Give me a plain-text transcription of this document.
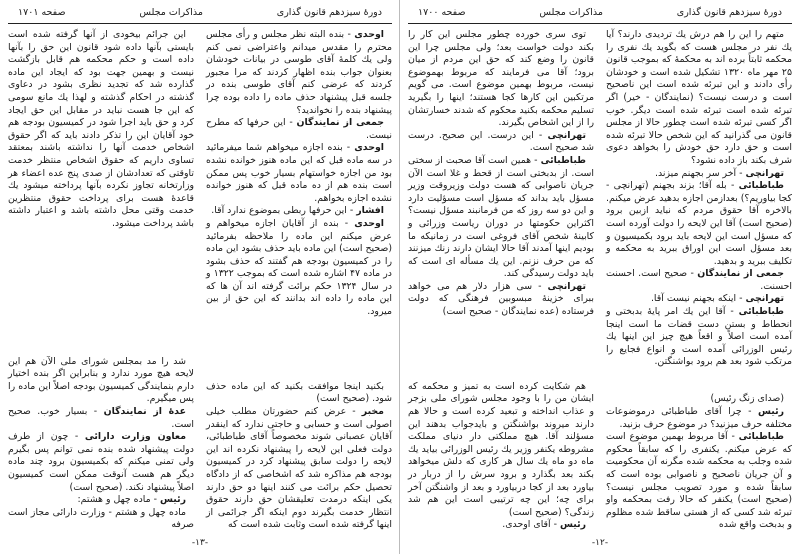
دورهٔ سیزدهم قانون گذاری
مذاکرات مجلس
صفحه ۱۷۰۰

متهم را این را هم درش یك تردیدی دارند؟ آیا یك نفر در مجلس هست که بگوید یك نفری را محکمه ثابتاً برده اند به محکمهٔ که بموجب قانون ۲۵ مهر ماه ۱۳۲۰ تشکیل شده است و خودشان رأی دادند و این تبرئه شده است این ناصحیح است و درست نیست؟ (نمایندگان - خیر) اگر تبرئه شده است تبرئه شده است دیگر. خوب اگر کسی تبرئه شده است چطور حالا از مجلس قانون می گذرانید که این شخص حالا تبرئه شده است و حق دارد حق خودش را بخواهد دعوی شرف بکند باز داده نشود؟

تهرانچی - آخر سر بجهنم میزند.

طباطبائی - بله آقا؛ بزند بجهنم (تهرانچی - کجا بیاوریم؟) بعدازمن اجازه بدهید عرض میکنم. بالاخره آقا حقوق مردم که نباید ازبین برود (صحیح است) آقا این لایحه را دولت آورده است که مسؤل است این لایحه باید برود بکمیسیون و بعد مسؤل است این اوراق ببرید به محکمه و تکلیف ببرید و بدهید.

جمعی از نمایندگان - صحیح است. احسنت احسنت.

تهرانچی - اینکه بجهنم نیست آقا.

طباطبائی - آقا این یك امر پایهٔ بدبختی و انحطاط و بستن دست قضات ما است اینجا آمده است اصلاً و اقعاً هیچ چیز این اینها یك رئیس الوزرائی آمده است و انواع فجایع را مرتکب شود بعد هم برود بواشنگتن.

(صدای زنگ رئیس)

رئیس - چرا آقای طباطبائی درموضوعات مختلفه حرف میزنید؟ در موضوع حرف بزنید.

طباطبائی - آقا مربوط بهمین موضوع است که عرض میکنم. یکنفری را که سابقاً محکوم شده وجلب به محکمه شده مگرنه آن محکومیت و آن جریان ناصحیح و ناصوابی بوده است که سابقاً شده و مورد تصویب مجلس نیست؟ (صحیح است) یکنفر که حالا رفت بمحکمه واو تبرئه شد کسی که از هستی ساقط شده مظلوم و بدبخت واقع شده

توی سری خورده چطور مجلس این کار را بکند دولت خواست بعد؛ ولی مجلس چرا این قانون را وضع کند که حق این مردم از میان برود؛ آقا می فرمایند که مربوط بهموضوع نیست، مربوط بهمین موضوع است. می گویم مرتکبین این کارها کجا هستند؛ اینها را بگیرید تسلیم محکمه بکنید محکوم که شدند خسارتشان را از این اشخاص بگیرند.

تهرانچی - این درست. این صحیح. درست شد صحیح است.

طباطبائی - همین است آقا صحبت از سختی است. از بدبختی است از قحط و غلا است الآن جریان ناصوابی که هست دولت وزیروقت وزیر مسؤل باید بداند که مسؤل است مسؤلیت دارد و این دو سه روز که من فرمانبند مسؤل نیست؟ اکثراین حکومتها در دوران ریاست وزرائی و کابینهٔ شخص آقای فروغی است در زمانیکه ما بودیم اینها آمدند آقا حالا ایشان دارند زنك میزنند که من حرف نزنم. این یك مسأله ای است که باید دولت رسیدگی کند.

تهرانچی - سی هزار دلار هم می خواهد ببرای خزینهٔ مبسوبین فرهنگی که دولت فرستاده (عده نمایندگان - صحیح است)

هم شکایت کرده است به تمیز و محکمه که ایشان من را با وجود مجلس شورای ملی بزجر و عذاب انداخته و تبعید کرده است و حالا هم دارند میروند بواشنگتن و بایدجواب بدهند این مسؤلند آقا. هیچ مملکتی دار دنیای مملکت مشروطه یکنفر وزیر یك رئیس الوزرائی بیاید یك ماه دو ماه یك سال هر کاری که دلش میخواهد بکند بعد بگذارد و برود سرش را از دربار در بیاورد بعد از کجا دربیاورد و بعد از واشنگتن آخر برای چه؛ این چه ترتیبی است این هم شد زندگی؟ (صحیح است)

رئیس - آقای اوحدی.

-۱۲-
دورهٔ سیزدهم قانون گذاری
مذاکرات مجلس
صفحه ۱۷۰۱

اوحدی - بنده البته نظر مجلس و رأی مجلس محترم را مقدس میدانم واعتراضی نمی کنم ولی یك کلمهٔ آقای طوسی در بیانات خودشان بعنوان جواب بنده اظهار کردند که مرا مجبور کردند که عرضی کنم آقای طوسی بنده در جلسه قبل پیشنهاد حذف ماده را داده بوده چرا پیشنهاد بنده را نخواندید؟

جمعی از نمایندگان - این حرفها که مطرح نیست.

اوحدی - بنده اجازه میخواهم شما میفرمائید در سه ماده قبل که این ماده هنوز خوانده نشده بود من اجازه خواستهام بسیار خوب پس ممکن است بنده هم از ده ماده قبل که هنوز خوانده نشده اجازه بخواهم.

افشار - این حرفها ربطی بموضوع ندارد آقا.

اوحدی - بنده از آقایان اجازه میخواهم و عرض میکنم این ماده را ملاحظه بفرمائید (صحیح است) این ماده باید حذف بشود این ماده را در کمیسیون بودجه هم گفتند که حذف بشود در ماده ۴۷ اشاره شده است که بموجب ۱۳۲۲ و در سال ۱۳۲۴ حکم برائت گرفته اند آن ها که این ماده را داده اند بدانند که این حق از بین میرود.

بکنید اینجا موافقت بکنید که این ماده حذف شود. (صحیح است)

مخبر - عرض کنم حضورتان مطلب خیلی اصولی است و حسابی و حاجتی ندارد که اینقدر آقایان عصبانی شوند مخصوصاً آقای طباطبائی، دولت فعلی این لایحه را پیشنهاد نکرده اند این لایحه را دولت سابق پیشنهاد کرد در کمیسیون بودجه هم مذاکره شد که اشخاصی که از دادگاه تحصیل حکم برائت می کنند اینها دو حق دارند یکی اینکه درمدت تعلیقشان حق دارند حقوق انتظار خدمت بگیرند دوم اینکه اگر جرائمی از اینها گرفته شده است وثابت شده است که

این جرائم بیخودی از آنها گرفته شده است بایستی بآنها داده شود قانون این حق را بآنها داده است و حکم محکمه هم قابل بازگشت نیست و بهمین جهت بود که ایجاد این ماده گذارده شد که تجدید نظری بشود در دعاوی گذشته در احکام گذشته و لهذا یك مانع سومی که این جا هست نباید در مقابل این حق ایجاد کرد و حق باید اجرا شود در کمیسیون بودجه هم خود آقایان این را تذکر دادند باید که اگر حقوق اشخاص خدمت آنها را نداشته باشند بمعتقد تساوی داریم که حقوق اشخاص منتظر خدمت تاوقتی که تعدادشان از صدی پنج عده اعضاء هر وزارتخانه تجاوز نکرده بآنها پرداخته میشود یك قاعدهٔ هست برای پرداخت حقوق منتظرین خدمت وقتی محل داشته باشد و اعتبار داشته باشد پرداخت میشود.

شد را مد بمجلس شورای ملی الآن هم این لایحه هیچ مورد ندارد و بنابراین اگر بنده اختیار دارم بنمایندگی کمیسیون بودجه اصلاً این ماده را پس میگیرم.

عدهٔ از نمایندگان - بسیار خوب. صحیح است.

معاون وزارت دارائی - چون از طرف دولت پیشنهاد شده بنده نمی توانم پس بگیرم ولی تمنی میکنم که بکمیسیون برود چند ماده دیگر هم هست آنوقت ممکن است کمیسیون اصلاً پیشنهاد نکند. (صحیح است)

رئیس - ماده چهل و هشتم:

ماده چهل و هشتم - وزارت دارائی مجاز است صرفه

-۱۳-
